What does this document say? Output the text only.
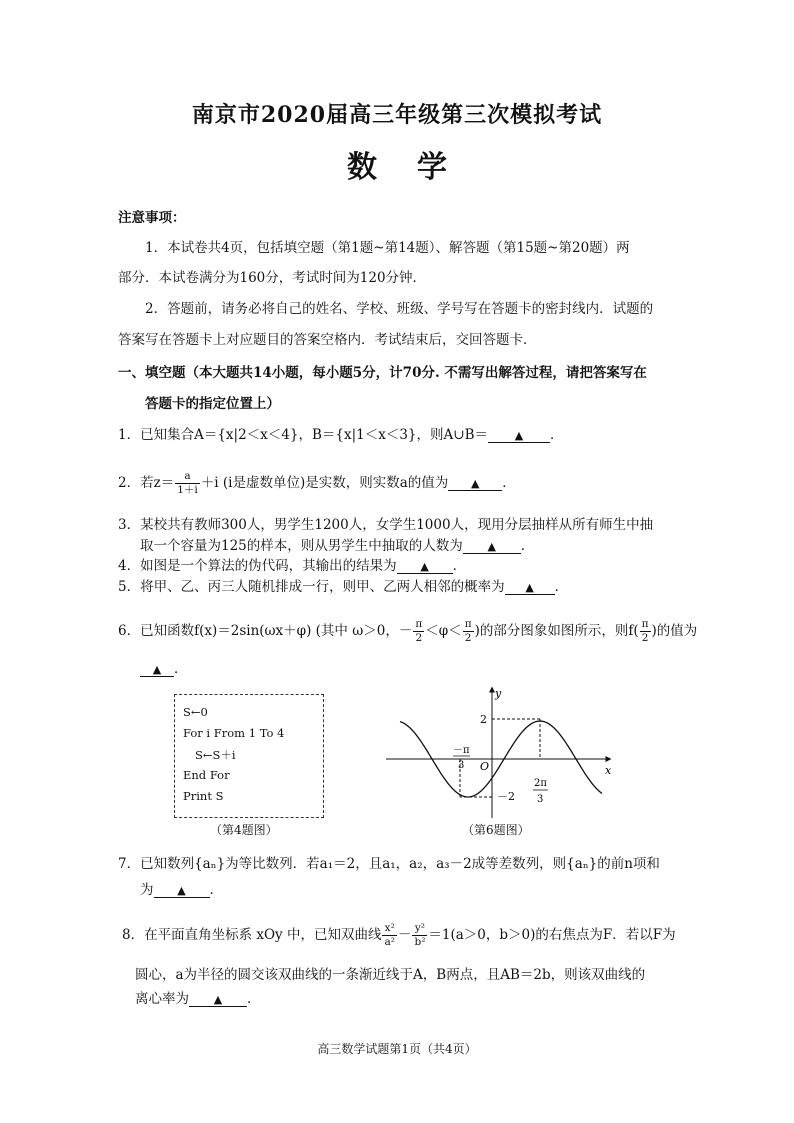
南京市2020届高三年级第三次模拟考试
数学
注意事项：
1．本试卷共4页，包括填空题（第1题~第14题）、解答题（第15题~第20题）两
部分．本试卷满分为160分，考试时间为120分钟．
2．答题前，请务必将自己的姓名、学校、班级、学号写在答题卡的密封线内．试题的
答案写在答题卡上对应题目的答案空格内．考试结束后，交回答题卡．
一、填空题（本大题共14小题，每小题5分，计70分. 不需写出解答过程，请把答案写在
答题卡的指定位置上）
1．已知集合A＝{x|2＜x＜4}，B＝{x|1＜x＜3}，则A∪B＝ ▲ ．
2．若$z= \frac{a}{1+i} +i$ (i是虚数单位)是实数，则实数a的值为 ▲ ．
3．某校共有教师300人，男学生1200人，女学生1000人，现用分层抽样从所有师生中抽
取一个容量为125的样本，则从男学生中抽取的人数为 ▲ ．
4．如图是一个算法的伪代码，其输出的结果为 ▲ ．
5．将甲、乙、丙三人随机排成一行，则甲、乙两人相邻的概率为 ▲ ．
6．已知函数f(x)＝2sin(ωx＋φ) (其中 ω＞0，－ $\frac{\pi}{2} <\varphi< \frac{\pi}{2}$ )的部分图象如图所示，则$f( \frac{\pi}{2}$ )的值为
▲ ．
S←0
For i From 1 To 4
S←S＋i
End For
Print S
（第4题图）
y
x
O
2
－2
－π
3
2π
3
（第6题图）
7．已知数列{aₙ}为等比数列．若a₁＝2，且a₁，a₂，a₃－2成等差数列，则{aₙ}的前n项和
为 ▲ ．
8．在平面直角坐标系 xOy 中，已知双曲线 $\frac{\text{x²}}{\text{a²}} - \frac{\text{y²}}{\text{b²}} =1(a>0$，b＞0)的右焦点为F．若以F为
圆心，a为半径的圆交该双曲线的一条渐近线于A，B两点，且AB＝2b，则该双曲线的
离心率为 ▲ ．
高三数学试题第1页（共4页）
